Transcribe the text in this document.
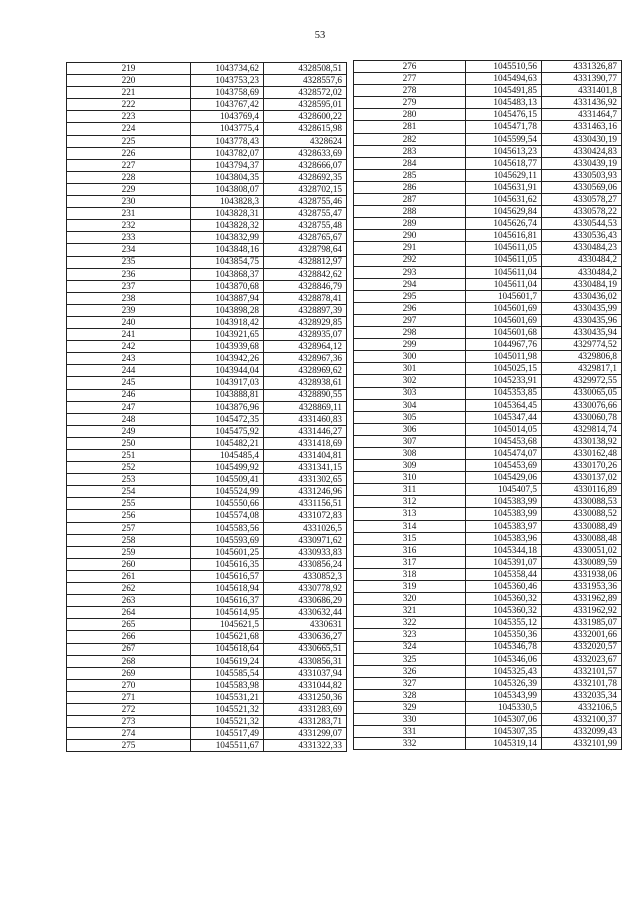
53
219	1043734,62	4328508,51
220	1043753,23	4328557,6
221	1043758,69	4328572,02
222	1043767,42	4328595,01
223	1043769,4	4328600,22
224	1043775,4	4328615,98
225	1043778,43	4328624
226	1043782,07	4328633,69
227	1043794,37	4328666,07
228	1043804,35	4328692,35
229	1043808,07	4328702,15
230	1043828,3	4328755,46
231	1043828,31	4328755,47
232	1043828,32	4328755,48
233	1043832,99	4328765,67
234	1043848,16	4328798,64
235	1043854,75	4328812,97
236	1043868,37	4328842,62
237	1043870,68	4328846,79
238	1043887,94	4328878,41
239	1043898,28	4328897,39
240	1043918,42	4328929,85
241	1043921,65	4328935,07
242	1043939,68	4328964,12
243	1043942,26	4328967,36
244	1043944,04	4328969,62
245	1043917,03	4328938,61
246	1043888,81	4328890,55
247	1043876,96	4328869,11
248	1045472,35	4331460,83
249	1045475,92	4331446,27
250	1045482,21	4331418,69
251	1045485,4	4331404,81
252	1045499,92	4331341,15
253	1045509,41	4331302,65
254	1045524,99	4331246,96
255	1045550,66	4331156,51
256	1045574,08	4331072,83
257	1045583,56	4331026,5
258	1045593,69	4330971,62
259	1045601,25	4330933,83
260	1045616,35	4330856,24
261	1045616,57	4330852,3
262	1045618,94	4330778,92
263	1045616,37	4330686,29
264	1045614,95	4330632,44
265	1045621,5	4330631
266	1045621,68	4330636,27
267	1045618,64	4330665,51
268	1045619,24	4330856,31
269	1045585,54	4331037,94
270	1045583,98	4331044,82
271	1045531,21	4331250,36
272	1045521,32	4331283,69
273	1045521,32	4331283,71
274	1045517,49	4331299,07
275	1045511,67	4331322,33
276	1045510,56	4331326,87
277	1045494,63	4331390,77
278	1045491,85	4331401,8
279	1045483,13	4331436,92
280	1045476,15	4331464,7
281	1045471,78	4331463,16
282	1045599,54	4330430,19
283	1045613,23	4330424,83
284	1045618,77	4330439,19
285	1045629,11	4330503,93
286	1045631,91	4330569,06
287	1045631,62	4330578,27
288	1045629,84	4330578,22
289	1045626,74	4330544,53
290	1045616,81	4330536,43
291	1045611,05	4330484,23
292	1045611,05	4330484,2
293	1045611,04	4330484,2
294	1045611,04	4330484,19
295	1045601,7	4330436,02
296	1045601,69	4330435,99
297	1045601,69	4330435,96
298	1045601,68	4330435,94
299	1044967,76	4329774,52
300	1045011,98	4329806,8
301	1045025,15	4329817,1
302	1045233,91	4329972,55
303	1045353,85	4330065,05
304	1045364,45	4330076,66
305	1045347,44	4330060,78
306	1045014,05	4329814,74
307	1045453,68	4330138,92
308	1045474,07	4330162,48
309	1045453,69	4330170,26
310	1045429,06	4330137,02
311	1045407,5	4330116,89
312	1045383,99	4330088,53
313	1045383,99	4330088,52
314	1045383,97	4330088,49
315	1045383,96	4330088,48
316	1045344,18	4330051,02
317	1045391,07	4330089,59
318	1045358,44	4331938,06
319	1045360,46	4331953,36
320	1045360,32	4331962,89
321	1045360,32	4331962,92
322	1045355,12	4331985,07
323	1045350,36	4332001,66
324	1045346,78	4332020,57
325	1045346,06	4332023,67
326	1045325,43	4332101,57
327	1045326,39	4332101,78
328	1045343,99	4332035,34
329	1045330,5	4332106,5
330	1045307,06	4332100,37
331	1045307,35	4332099,43
332	1045319,14	4332101,99
